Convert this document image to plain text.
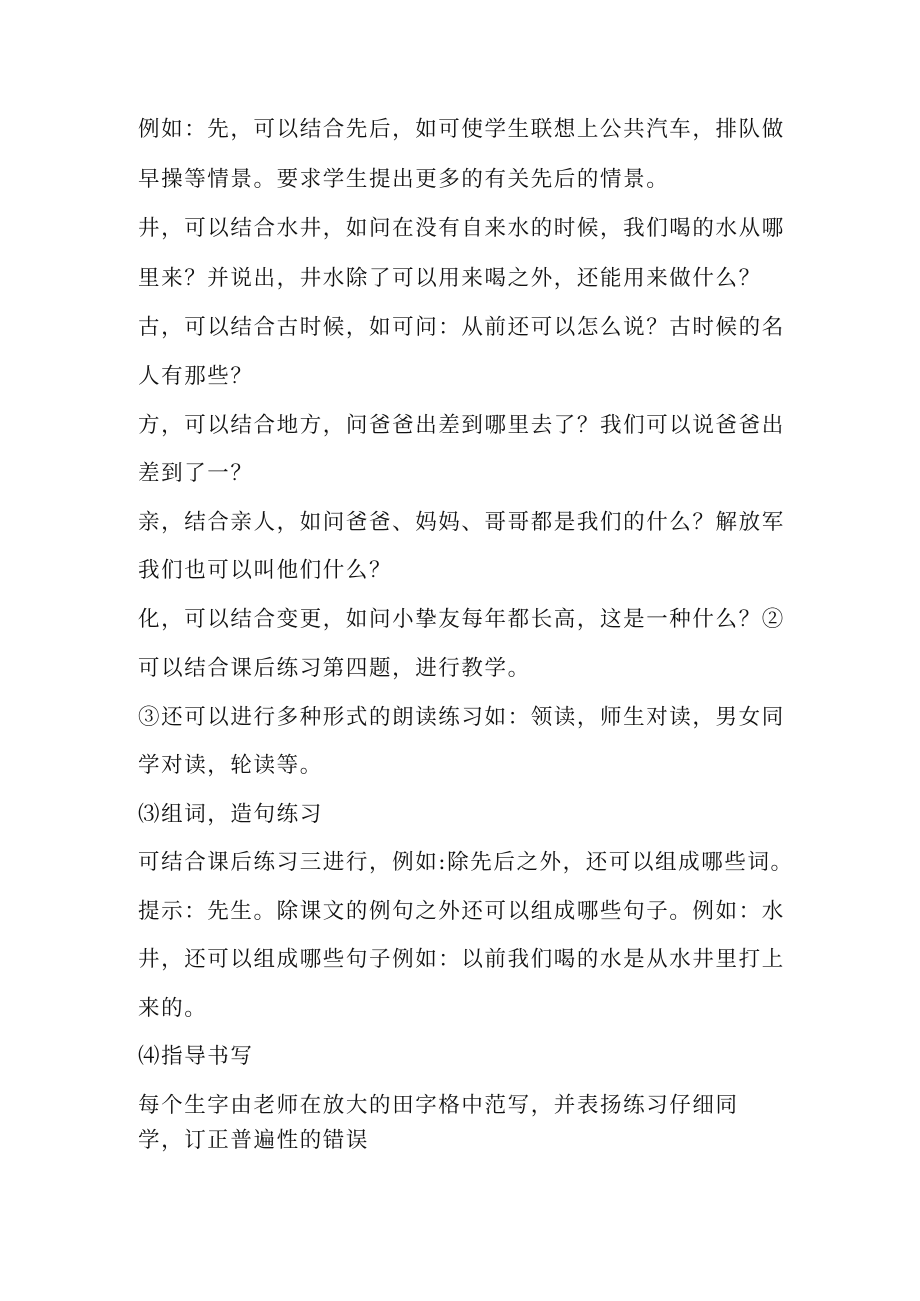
例如：先，可以结合先后，如可使学生联想上公共汽车，排队做
早操等情景。要求学生提出更多的有关先后的情景。
井，可以结合水井，如问在没有自来水的时候，我们喝的水从哪
里来？并说出，井水除了可以用来喝之外，还能用来做什么？
古，可以结合古时候，如可问：从前还可以怎么说？古时候的名
人有那些？
方，可以结合地方，问爸爸出差到哪里去了？我们可以说爸爸出
差到了一？
亲，结合亲人，如问爸爸、妈妈、哥哥都是我们的什么？解放军
我们也可以叫他们什么？
化，可以结合变更，如问小挚友每年都长高，这是一种什么？②
可以结合课后练习第四题，进行教学。
③还可以进行多种形式的朗读练习如：领读，师生对读，男女同
学对读，轮读等。
⑶组词，造句练习
可结合课后练习三进行，例如:除先后之外，还可以组成哪些词。
提示：先生。除课文的例句之外还可以组成哪些句子。例如：水
井，还可以组成哪些句子例如：以前我们喝的水是从水井里打上
来的。
⑷指导书写
每个生字由老师在放大的田字格中范写，并表扬练习仔细同
学，订正普遍性的错误
